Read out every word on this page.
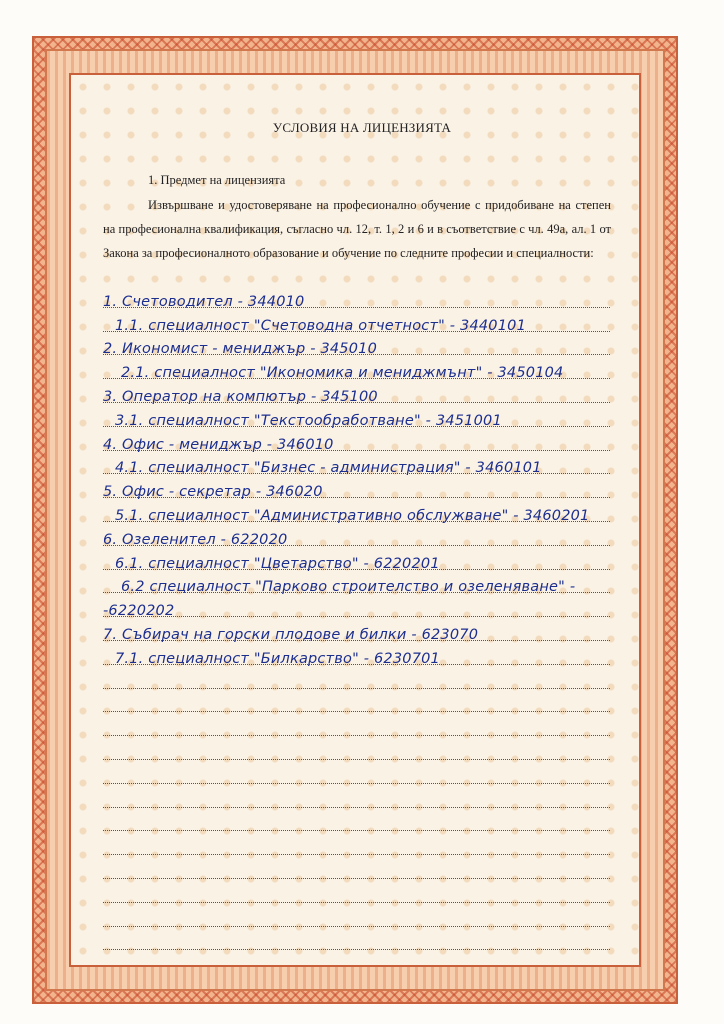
УСЛОВИЯ НА ЛИЦЕНЗИЯТА
1. Предмет на лицензията
Извършване и удостоверяване на професионално обучение с придобиване на степен на професионална квалификация, съгласно чл. 12, т. 1, 2 и 6 и в съответствие с чл. 49а, ал. 1 от Закона за професионалното образование и обучение по следните професии и специалности:
1. Счетоводител - 344010
1.1. специалност "Счетоводна отчетност" - 3440101
2. Икономист - мениджър - 345010
2.1. специалност "Икономика и мениджмънт" - 3450104
3. Оператор на компютър - 345100
3.1. специалност "Текстообработване" - 3451001
4. Офис - мениджър - 346010
4.1. специалност "Бизнес - администрация" - 3460101
5. Офис - секретар - 346020
5.1. специалност "Административно обслужване" - 3460201
6. Озеленител - 622020
6.1. специалност "Цветарство" - 6220201
6.2 специалност "Парково строителство и озеленяване" -
-6220202
7. Събирач на горски плодове и билки - 623070
7.1. специалност "Билкарство" - 6230701
